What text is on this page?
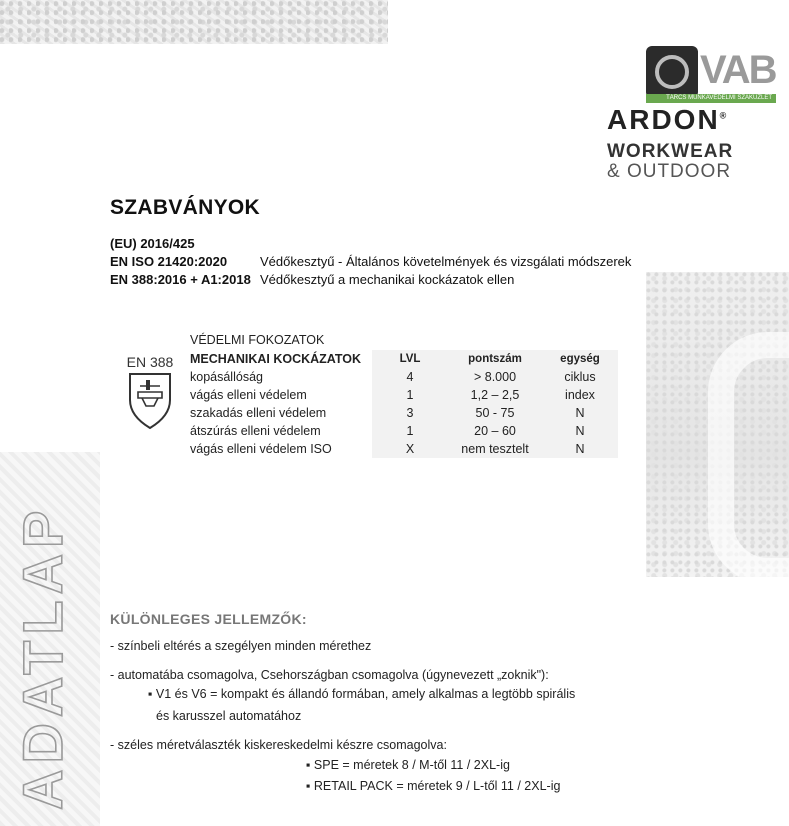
ADATLAP
VAB
TÁRCS MUNKAVÉDELMI SZAKÜZLET
ARDON®
WORKWEAR
& OUTDOOR
SZABVÁNYOK
(EU) 2016/425
EN ISO 21420:2020	Védőkesztyű - Általános követelmények és vizsgálati módszerek
EN 388:2016 + A1:2018 Védőkesztyű a mechanikai kockázatok ellen
EN 388
VÉDELMI FOKOZATOK
MECHANIKAI KOCKÁZATOK	LVL	pontszám	egység
kopásállóság	4	> 8.000	ciklus
vágás elleni védelem	1	1,2 – 2,5	index
szakadás elleni védelem	3	50 - 75	N
átszúrás elleni védelem	1	20 – 60	N
vágás elleni védelem ISO	X	nem tesztelt	N
KÜLÖNLEGES JELLEMZŐK:
- színbeli eltérés a szegélyen minden mérethez
- automatába csomagolva, Csehországban csomagolva (úgynevezett „zoknik"):
▪ V1 és V6 = kompakt és állandó formában, amely alkalmas a legtöbb spirális
és karusszel automatához
- széles méretválaszték kiskereskedelmi készre csomagolva:
▪ SPE = méretek 8 / M-től 11 / 2XL-ig
▪ RETAIL PACK = méretek 9 / L-től 11 / 2XL-ig
